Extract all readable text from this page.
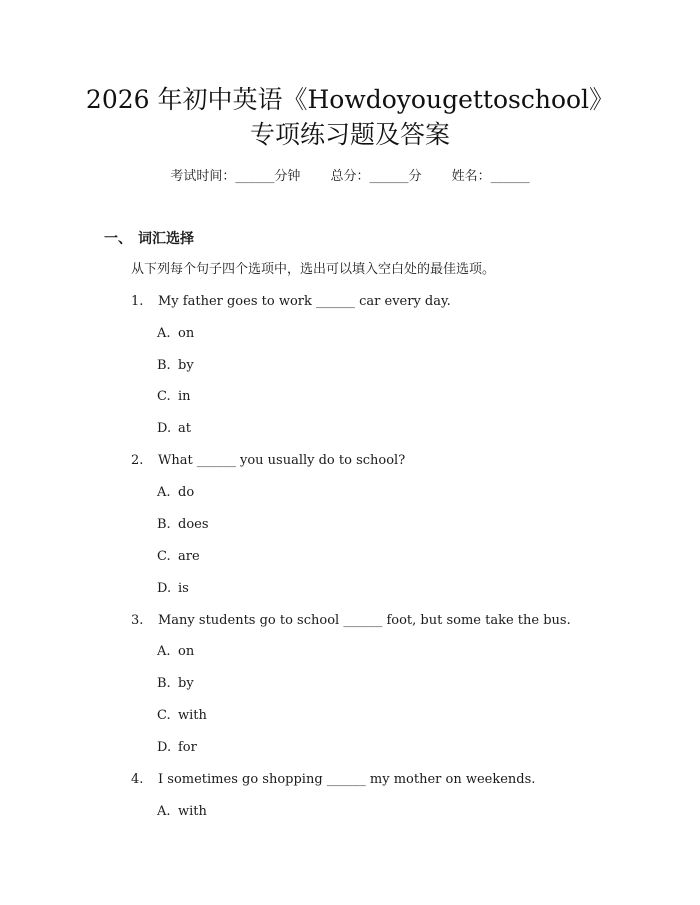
2026 年初中英语《Howdoyougettoschool》
专项练习题及答案
考试时间：______分钟 总分：______分 姓名：______
一、 词汇选择
从下列每个句子四个选项中，选出可以填入空白处的最佳选项。
1. My father goes to work ______ car every day.
A. on
B. by
C. in
D. at
2. What ______ you usually do to school?
A. do
B. does
C. are
D. is
3. Many students go to school ______ foot, but some take the bus.
A. on
B. by
C. with
D. for
4. I sometimes go shopping ______ my mother on weekends.
A. with
